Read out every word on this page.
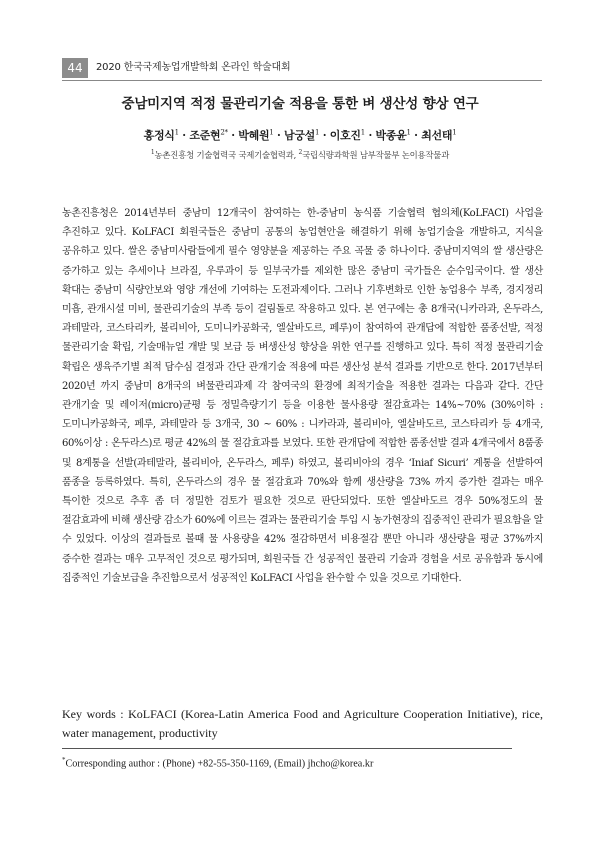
44	2020 한국국제농업개발학회 온라인 학술대회
중남미지역 적정 물관리기술 적용을 통한 벼 생산성 향상 연구
홍정식$^1$ · 조준현$^{2*}$ · 박혜원$^1$ · 남궁설$^1$ · 이호진$^1$ · 박종윤$^1$ · 최선태$^1$
$^1$농촌진흥청 기술협력국 국제기술협력과, $^2$국립식량과학원 남부작물부 논이용작물과
농촌진흥청은 2014년부터 중남미 12개국이 참여하는 한-중남미 농식품 기술협력 협의체(KoLFACI) 사업을 추진하고 있다. KoLFACI 회원국들은 중남미 공통의 농업현안을 해결하기 위해 농업기술을 개발하고, 지식을 공유하고 있다. 쌀은 중남미사람들에게 필수 영양분을 제공하는 주요 곡물 중 하나이다. 중남미지역의 쌀 생산량은 증가하고 있는 추세이나 브라질, 우루과이 등 일부국가를 제외한 많은 중남미 국가들은 순수입국이다. 쌀 생산 확대는 중남미 식량안보와 영양 개선에 기여하는 도전과제이다. 그러나 기후변화로 인한 농업용수 부족, 경지정리 미흡, 관개시설 미비, 물관리기술의 부족 등이 걸림돌로 작용하고 있다. 본 연구에는 총 8개국(니카라과, 온두라스, 과테말라, 코스타리카, 볼리비아, 도미니카공화국, 엘살바도르, 페루)이 참여하여 관개답에 적합한 품종선발, 적정 물관리기술 확립, 기술매뉴얼 개발 및 보급 등 벼생산성 향상을 위한 연구를 진행하고 있다. 특히 적정 물관리기술 확립은 생육주기별 최적 담수심 결정과 간단 관개기술 적용에 따른 생산성 분석 결과를 기반으로 한다. 2017년부터 2020년 까지 중남미 8개국의 벼물관리과제 각 참여국의 환경에 최적기술을 적용한 결과는 다음과 같다. 간단 관개기술 및 레이저(micro)균평 등 정밀측량기기 등을 이용한 물사용량 절감효과는 14%~70% (30%이하 : 도미니카공화국, 페루, 과테말라 등 3개국, 30 ~ 60% : 니카라과, 볼리비아, 엘살바도르, 코스타리카 등 4개국, 60%이상 : 온두라스)로 평균 42%의 물 절감효과를 보였다. 또한 관개답에 적합한 품종선발 결과 4개국에서 8품종 및 8계통을 선발(과테말라, 볼리비아, 온두라스, 페루) 하였고, 볼리비아의 경우 ‘Iniaf Sicuri’ 계통을 선발하여 품종을 등록하였다. 특히, 온두라스의 경우 물 절감효과 70%와 함께 생산량을 73% 까지 증가한 결과는 매우 특이한 것으로 추후 좀 더 정밀한 검토가 필요한 것으로 판단되었다. 또한 엘살바도르 경우 50%정도의 물 절감효과에 비해 생산량 감소가 60%에 이르는 결과는 물관리기술 투입 시 농가현장의 집중적인 관리가 필요함을 알 수 있었다. 이상의 결과들로 볼때 물 사용량을 42% 절감하면서 비용절감 뿐만 아니라 생산량을 평균 37%까지 증수한 결과는 매우 고무적인 것으로 평가되며, 회원국들 간 성공적인 물관리 기술과 경험을 서로 공유함과 동시에 집중적인 기술보급을 추진함으로서 성공적인 KoLFACI 사업을 완수할 수 있을 것으로 기대한다.
Key words : KoLFACI (Korea-Latin America Food and Agriculture Cooperation Initiative), rice, water management, productivity
*Corresponding author : (Phone) +82-55-350-1169, (Email) jhcho@korea.kr
